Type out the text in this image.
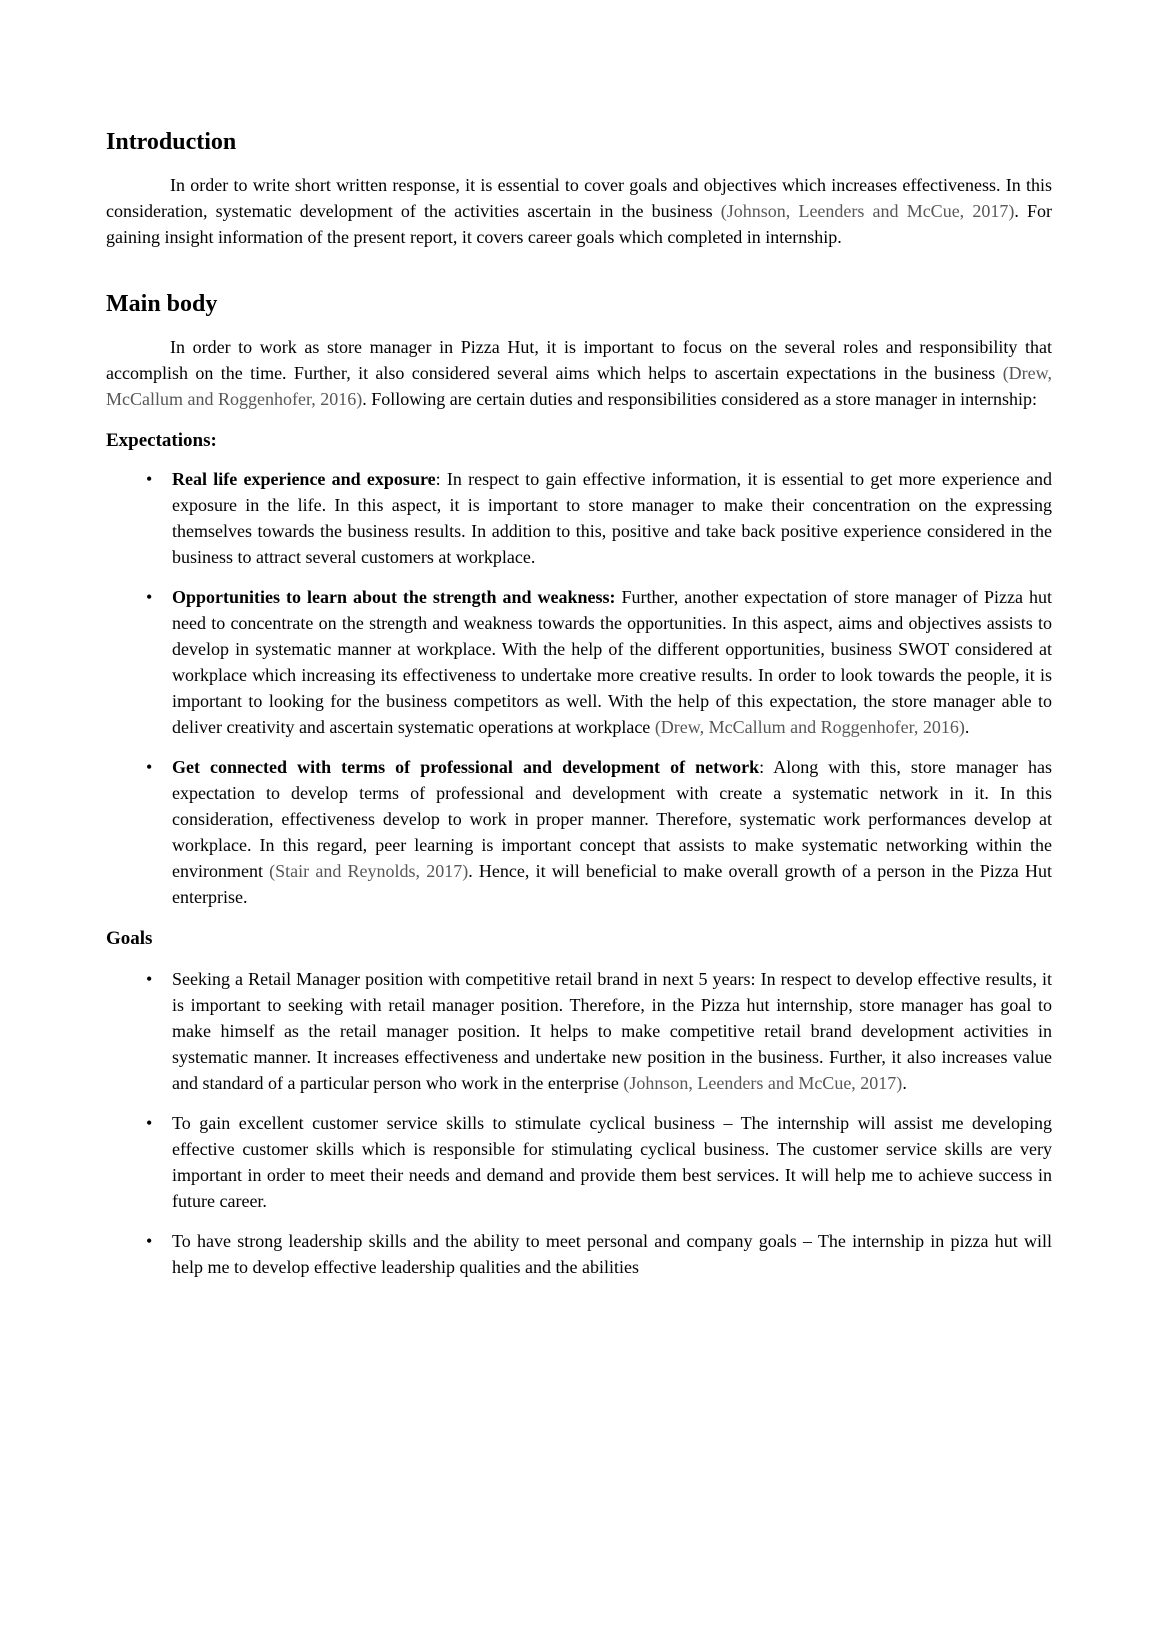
Introduction

In order to write short written response, it is essential to cover goals and objectives which increases effectiveness. In this consideration, systematic development of the activities ascertain in the business (Johnson, Leenders and McCue, 2017). For gaining insight information of the present report, it covers career goals which completed in internship.

Main body

In order to work as store manager in Pizza Hut, it is important to focus on the several roles and responsibility that accomplish on the time. Further, it also considered several aims which helps to ascertain expectations in the business (Drew, McCallum and Roggenhofer, 2016). Following are certain duties and responsibilities considered as a store manager in internship:

Expectations:
• Real life experience and exposure: In respect to gain effective information, it is essential to get more experience and exposure in the life. In this aspect, it is important to store manager to make their concentration on the expressing themselves towards the business results. In addition to this, positive and take back positive experience considered in the business to attract several customers at workplace.

• Opportunities to learn about the strength and weakness: Further, another expectation of store manager of Pizza hut need to concentrate on the strength and weakness towards the opportunities. In this aspect, aims and objectives assists to develop in systematic manner at workplace. With the help of the different opportunities, business SWOT considered at workplace which increasing its effectiveness to undertake more creative results. In order to look towards the people, it is important to looking for the business competitors as well. With the help of this expectation, the store manager able to deliver creativity and ascertain systematic operations at workplace (Drew, McCallum and Roggenhofer, 2016).

• Get connected with terms of professional and development of network: Along with this, store manager has expectation to develop terms of professional and development with create a systematic network in it. In this consideration, effectiveness develop to work in proper manner. Therefore, systematic work performances develop at workplace. In this regard, peer learning is important concept that assists to make systematic networking within the environment (Stair and Reynolds, 2017). Hence, it will beneficial to make overall growth of a person in the Pizza Hut enterprise.

Goals
• Seeking a Retail Manager position with competitive retail brand in next 5 years: In respect to develop effective results, it is important to seeking with retail manager position. Therefore, in the Pizza hut internship, store manager has goal to make himself as the retail manager position. It helps to make competitive retail brand development activities in systematic manner. It increases effectiveness and undertake new position in the business. Further, it also increases value and standard of a particular person who work in the enterprise (Johnson, Leenders and McCue, 2017).

• To gain excellent customer service skills to stimulate cyclical business – The internship will assist me developing effective customer skills which is responsible for stimulating cyclical business. The customer service skills are very important in order to meet their needs and demand and provide them best services. It will help me to achieve success in future career.

• To have strong leadership skills and the ability to meet personal and company goals – The internship in pizza hut will help me to develop effective leadership qualities and the abilities
